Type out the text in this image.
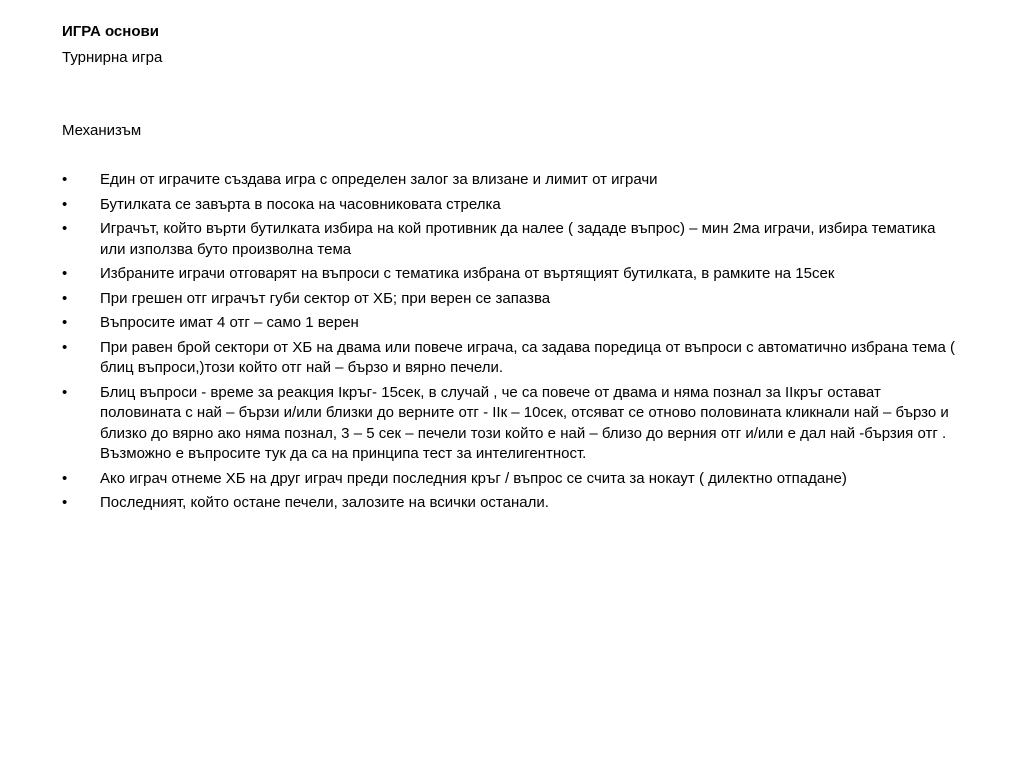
ИГРА основи

Турнирна игра

Механизъм

• Един от играчите създава игра с определен залог за влизане и лимит от играчи
• Бутилката се завърта в посока на часовниковата стрелка
• Играчът, който върти бутилката избира на кой противник да налее ( зададе въпрос) – мин 2ма играчи, избира тематика или използва буто произволна тема
• Избраните играчи отговарят на въпроси с тематика избрана от въртящият бутилката, в рамките на 15сек
• При грешен отг играчът губи сектор от ХБ; при верен се запазва
• Въпросите имат 4 отг – само 1 верен
• При равен брой сектори от ХБ на двама или повече играча, са задава поредица от въпроси с автоматично избрана тема ( блиц въпроси,)този който отг най – бързо и вярно печели.
• Блиц въпроси - време за реакция Iкръг- 15сек, в случай , че са повече от двама и няма познал за IIкръг остават половината с най – бързи и/или близки до верните отг - IIк – 10сек, отсяват се отново половината кликнали най – бързо и близко до вярно ако няма познал, 3 – 5 сек – печели този който е най – близо до верния отг и/или е дал най -бързия отг . Възможно е въпросите тук да са на принципа тест за интелигентност.
• Ако играч отнеме ХБ на друг играч преди последния кръг / въпрос се счита за нокаут ( дилектно отпадане)
• Последният, който остане печели, залозите на всички останали.
